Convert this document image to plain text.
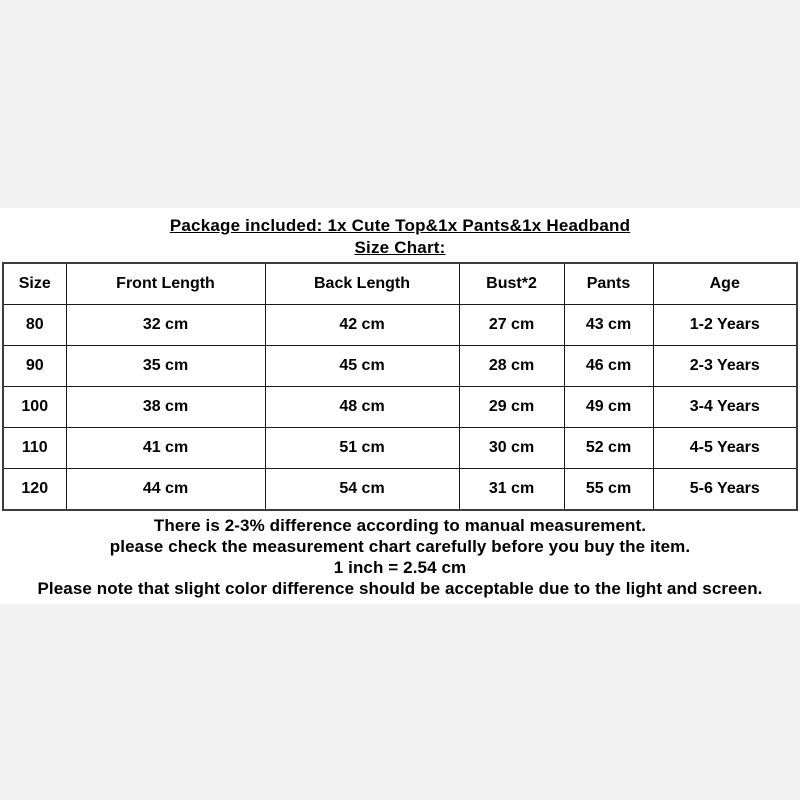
Package included: 1x Cute Top&1x Pants&1x Headband
Size Chart:
Size	Front Length	Back Length	Bust*2	Pants	Age
80	32 cm	42 cm	27 cm	43 cm	1-2 Years
90	35 cm	45 cm	28 cm	46 cm	2-3 Years
100	38 cm	48 cm	29 cm	49 cm	3-4 Years
110	41 cm	51 cm	30 cm	52 cm	4-5 Years
120	44 cm	54 cm	31 cm	55 cm	5-6 Years
There is 2-3% difference according to manual measurement.
please check the measurement chart carefully before you buy the item.
1 inch = 2.54 cm
Please note that slight color difference should be acceptable due to the light and screen.
